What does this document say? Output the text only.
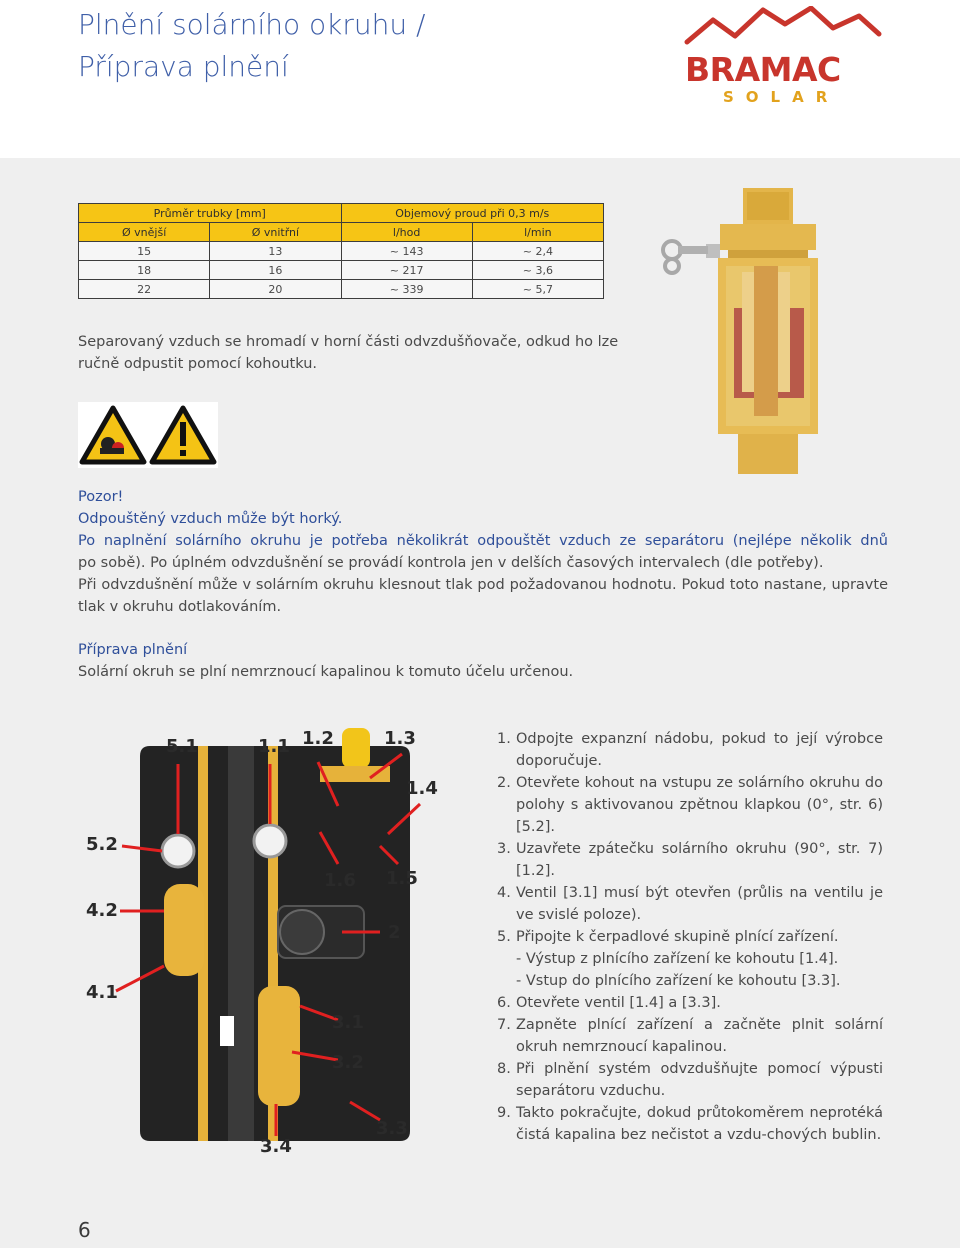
Plnění solárního okruhu /
Příprava plnění	BRAMAC
SOLAR
Průměr trubky [mm]		Objemový proud při 0,3 m/s	
Ø vnější	Ø vnitřní	l/hod	l/min
15	13	~ 143	~ 2,4
18	16	~ 217	~ 3,6
22	20	~ 339	~ 5,7
Separovaný vzduch se hromadí v horní části odvzdušňovače, odkud ho lze
ručně odpustit pomocí kohoutku.
Pozor!
Odpouštěný vzduch může být horký.
Po naplnění solárního okruhu je potřeba několikrát odpouštět vzduch ze separátoru (nejlépe několik dnů
po sobě). Po úplném odvzdušnění se provádí kontrola jen v delších časových intervalech (dle potřeby).
Při odvzdušnění může v solárním okruhu klesnout tlak pod požadovanou hodnotu. Pokud toto nastane, upravte
tlak v okruhu dotlakováním.
Příprava plnění
Solární okruh se plní nemrznoucí kapalinou k tomuto účelu určenou.
5.1	1.1 1.2	1.3
1.4
5.2
1.6 1.5
4.2
2
4.1
3.1
3.2
3.3
3.4
1. Odpojte expanzní nádobu, pokud to její výrobce doporučuje.
2. Otevřete kohout na vstupu ze solárního okruhu do polohy s aktivovanou zpětnou klapkou (0°, str. 6) [5.2].
3. Uzavřete zpátečku solárního okruhu (90°, str. 7) [1.2].
4. Ventil [3.1] musí být otevřen (průlis na ventilu je ve svislé poloze).
5. Připojte k čerpadlové skupině plnící zařízení.
- Výstup z plnícího zařízení ke kohoutu [1.4].
- Vstup do plnícího zařízení ke kohoutu [3.3].
6. Otevřete ventil [1.4] a [3.3].
7. Zapněte plnící zařízení a začněte plnit solární okruh nemrznoucí kapalinou.
8. Při plnění systém odvzdušňujte pomocí výpusti separátoru vzduchu.
9. Takto pokračujte, dokud průtokoměrem neprotéká čistá kapalina bez nečistot a vzdu-chových bublin.
6
